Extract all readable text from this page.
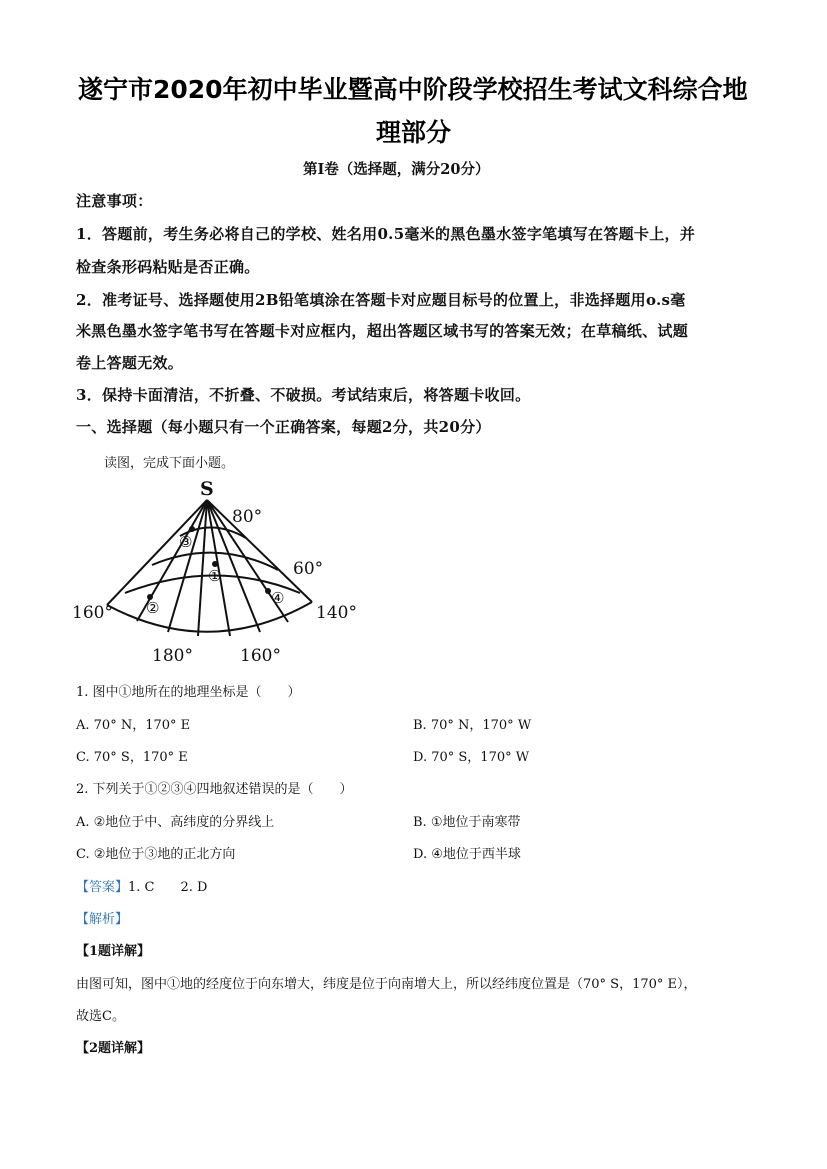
遂宁市2020年初中毕业暨高中阶段学校招生考试文科综合地
理部分
第Ⅰ卷（选择题，满分20分）
注意事项：
1．答题前，考生务必将自己的学校、姓名用0.5毫米的黑色墨水签字笔填写在答题卡上，并
检查条形码粘贴是否正确。
2．准考证号、选择题使用2B铅笔填涂在答题卡对应题目标号的位置上，非选择题用o.s毫
米黑色墨水签字笔书写在答题卡对应框内，超出答题区域书写的答案无效；在草稿纸、试题
卷上答题无效。
3．保持卡面清洁，不折叠、不破损。考试结束后，将答题卡收回。
一、选择题（每小题只有一个正确答案，每题2分，共20分）
读图，完成下面小题。
S
80°
60°
160°	140°
180°	160°
①
②
③
④
1. 图中①地所在的地理坐标是（　　）
A. 70° N，170° E	B. 70° N，170° W
C. 70° S，170° E	D. 70° S，170° W
2. 下列关于①②③④四地叙述错误的是（　　）
A. ②地位于中、高纬度的分界线上	B. ①地位于南寒带
C. ②地位于③地的正北方向	D. ④地位于西半球
【答案】1. C　　2. D
【解析】
【1题详解】
由图可知，图中①地的经度位于向东增大，纬度是位于向南增大上，所以经纬度位置是（70° S，170° E），
故选C。
【2题详解】
